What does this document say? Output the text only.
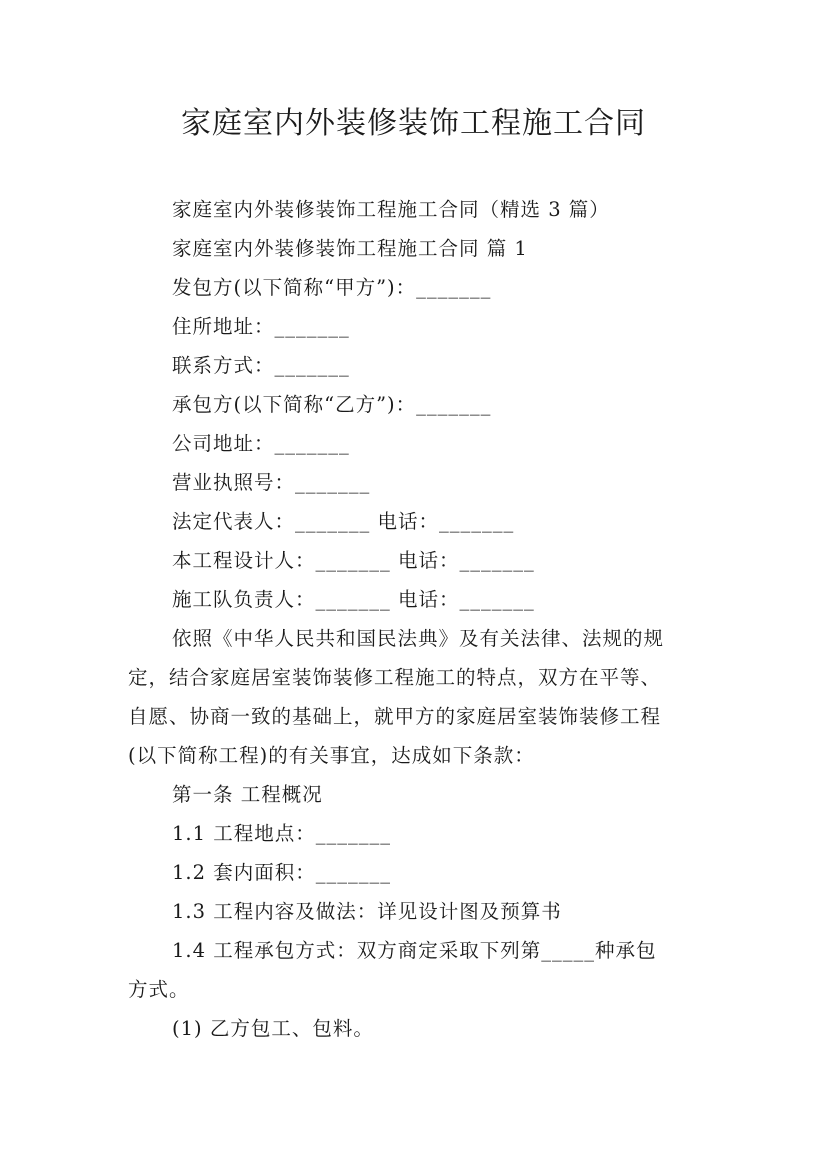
家庭室内外装修装饰工程施工合同
家庭室内外装修装饰工程施工合同（精选 3 篇）
家庭室内外装修装饰工程施工合同 篇 1
发包方(以下简称“甲方”)：_______
住所地址：_______
联系方式：_______
承包方(以下简称“乙方”)：_______
公司地址：_______
营业执照号：_______
法定代表人：_______ 电话：_______
本工程设计人：_______ 电话：_______
施工队负责人：_______ 电话：_______
依照《中华人民共和国民法典》及有关法律、法规的规
定，结合家庭居室装饰装修工程施工的特点，双方在平等、
自愿、协商一致的基础上，就甲方的家庭居室装饰装修工程
(以下简称工程)的有关事宜，达成如下条款：
第一条 工程概况
1.1 工程地点：_______
1.2 套内面积：_______
1.3 工程内容及做法：详见设计图及预算书
1.4 工程承包方式：双方商定采取下列第_____种承包
方式。
(1) 乙方包工、包料。
